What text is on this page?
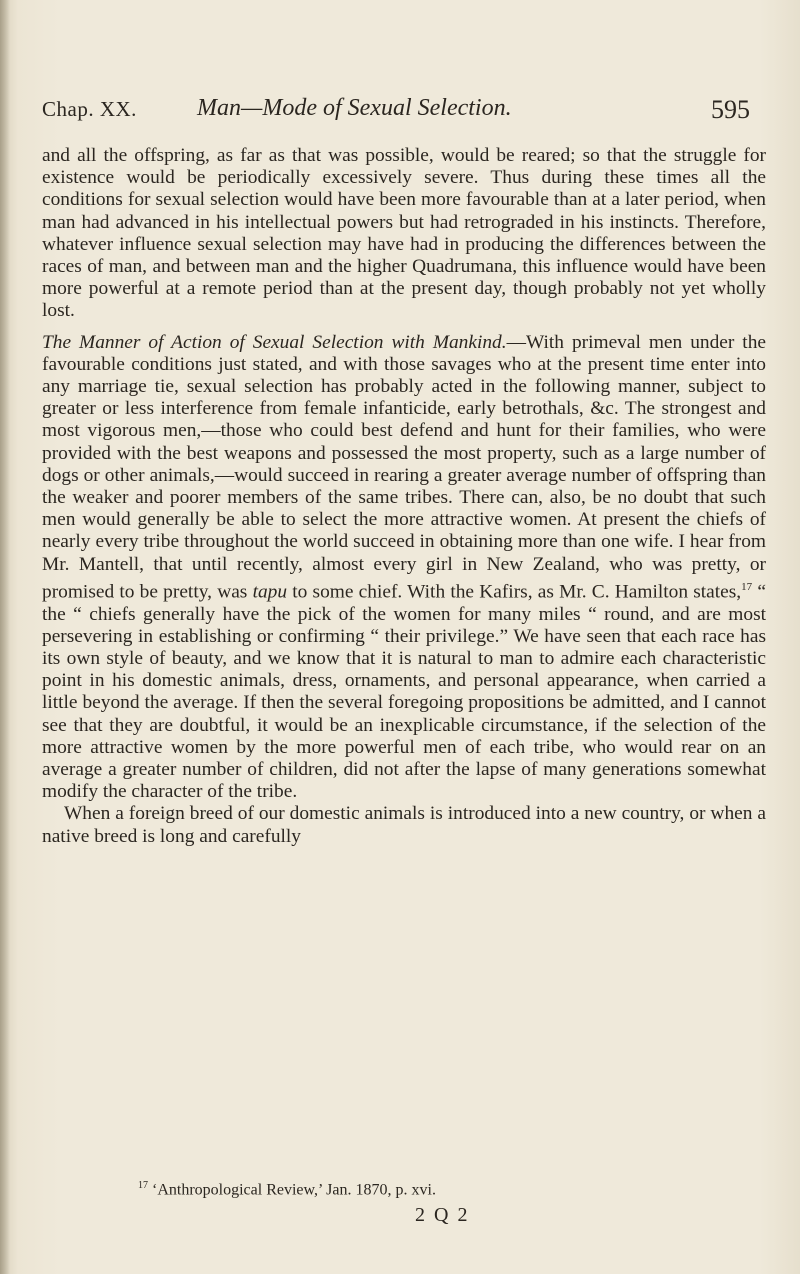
Chap. XX.	Man—Mode of Sexual Selection.	595

and all the offspring, as far as that was possible, would be reared; so that the struggle for existence would be periodically excessively severe. Thus during these times all the conditions for sexual selection would have been more favourable than at a later period, when man had advanced in his intellectual powers but had retrograded in his instincts. Therefore, whatever influence sexual selection may have had in producing the differences between the races of man, and between man and the higher Quadrumana, this influence would have been more powerful at a remote period than at the present day, though probably not yet wholly lost.

The Manner of Action of Sexual Selection with Mankind.—With primeval men under the favourable conditions just stated, and with those savages who at the present time enter into any marriage tie, sexual selection has probably acted in the following manner, subject to greater or less interference from female infanticide, early betrothals, &c. The strongest and most vigorous men,—those who could best defend and hunt for their families, who were provided with the best weapons and possessed the most property, such as a large number of dogs or other animals,—would succeed in rearing a greater average number of offspring than the weaker and poorer members of the same tribes. There can, also, be no doubt that such men would generally be able to select the more attractive women. At present the chiefs of nearly every tribe throughout the world succeed in obtaining more than one wife. I hear from Mr. Mantell, that until recently, almost every girl in New Zealand, who was pretty, or promised to be pretty, was tapu to some chief. With the Kafirs, as Mr. C. Hamilton states,$^{17}$ “ the “ chiefs generally have the pick of the women for many miles “ round, and are most persevering in establishing or confirming “ their privilege.” We have seen that each race has its own style of beauty, and we know that it is natural to man to admire each characteristic point in his domestic animals, dress, ornaments, and personal appearance, when carried a little beyond the average. If then the several foregoing propositions be admitted, and I cannot see that they are doubtful, it would be an inexplicable circumstance, if the selection of the more attractive women by the more powerful men of each tribe, who would rear on an average a greater number of children, did not after the lapse of many generations somewhat modify the character of the tribe.

When a foreign breed of our domestic animals is introduced into a new country, or when a native breed is long and carefully

$^{17}$ ‘Anthropological Review,’ Jan. 1870, p. xvi.
2 Q 2
